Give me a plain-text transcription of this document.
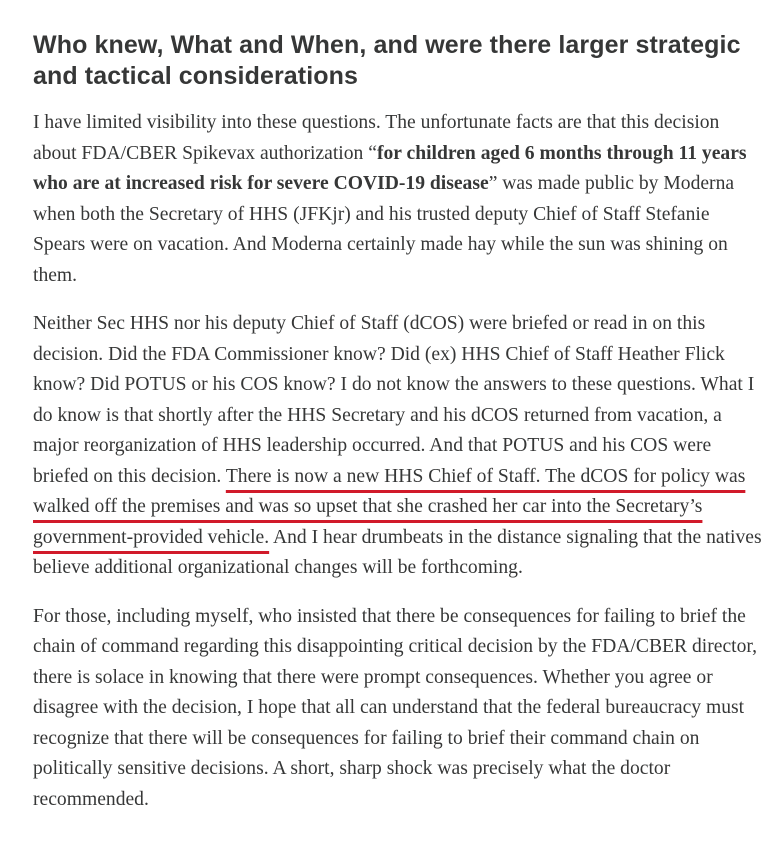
Who knew, What and When, and were there larger strategic and tactical considerations

I have limited visibility into these questions. The unfortunate facts are that this decision about FDA/CBER Spikevax authorization “for children aged 6 months through 11 years who are at increased risk for severe COVID-19 disease” was made public by Moderna when both the Secretary of HHS (JFKjr) and his trusted deputy Chief of Staff Stefanie Spears were on vacation. And Moderna certainly made hay while the sun was shining on them.

Neither Sec HHS nor his deputy Chief of Staff (dCOS) were briefed or read in on this decision. Did the FDA Commissioner know? Did (ex) HHS Chief of Staff Heather Flick know? Did POTUS or his COS know? I do not know the answers to these questions. What I do know is that shortly after the HHS Secretary and his dCOS returned from vacation, a major reorganization of HHS leadership occurred. And that POTUS and his COS were briefed on this decision. There is now a new HHS Chief of Staff. The dCOS for policy was walked off the premises and was so upset that she crashed her car into the Secretary’s government-provided vehicle. And I hear drumbeats in the distance signaling that the natives believe additional organizational changes will be forthcoming.

For those, including myself, who insisted that there be consequences for failing to brief the chain of command regarding this disappointing critical decision by the FDA/CBER director, there is solace in knowing that there were prompt consequences. Whether you agree or disagree with the decision, I hope that all can understand that the federal bureaucracy must recognize that there will be consequences for failing to brief their command chain on politically sensitive decisions. A short, sharp shock was precisely what the doctor recommended.
